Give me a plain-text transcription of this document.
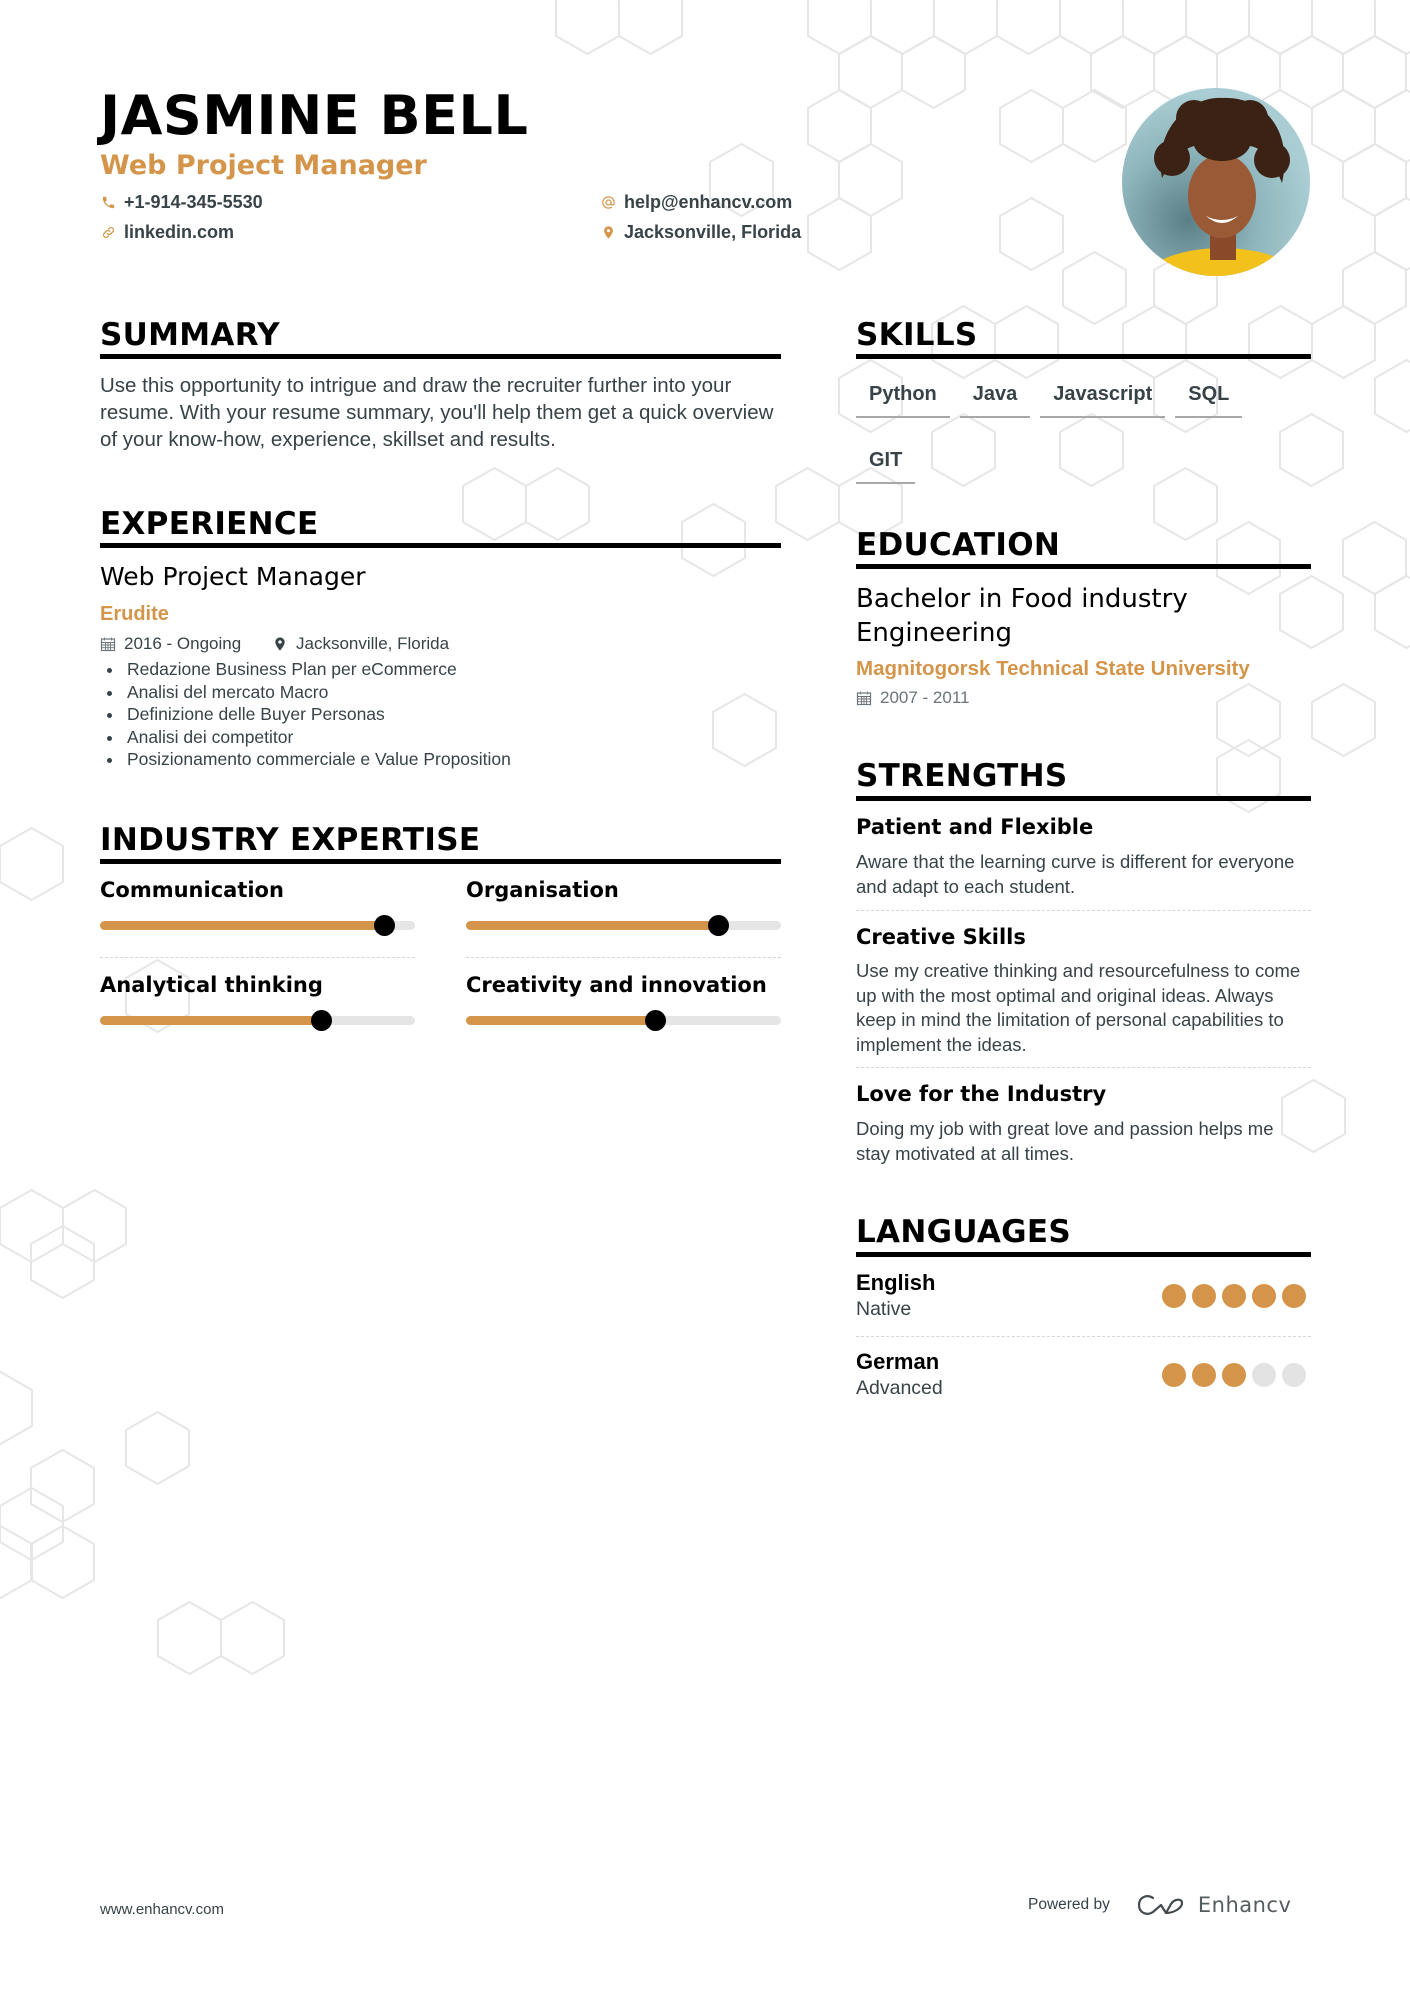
JASMINE BELL
Web Project Manager
+1-914-345-5530
linkedin.com
help@enhancv.com
Jacksonville, Florida
SUMMARY

Use this opportunity to intrigue and draw the recruiter further into your resume. With your resume summary, you'll help them get a quick overview of your know-how, experience, skillset and results.

EXPERIENCE
Web Project Manager
Erudite
2016 - Ongoing	Jacksonville, Florida
Redazione Business Plan per eCommerce
Analisi del mercato Macro
Definizione delle Buyer Personas
Analisi dei competitor
Posizionamento commerciale e Value Proposition
INDUSTRY EXPERTISE
Communication	Organisation
Analytical thinking	Creativity and innovation
SKILLS
Python	Java	Javascript	SQL
GIT
EDUCATION
Bachelor in Food industry Engineering
Magnitogorsk Technical State University
2007 - 2011
STRENGTHS
Patient and Flexible
Aware that the learning curve is different for everyone and adapt to each student.
Creative Skills
Use my creative thinking and resourcefulness to come up with the most optimal and original ideas. Always keep in mind the limitation of personal capabilities to implement the ideas.
Love for the Industry
Doing my job with great love and passion helps me stay motivated at all times.
LANGUAGES
English
Native
German
Advanced
www.enhancv.com	Powered by	Enhancv
